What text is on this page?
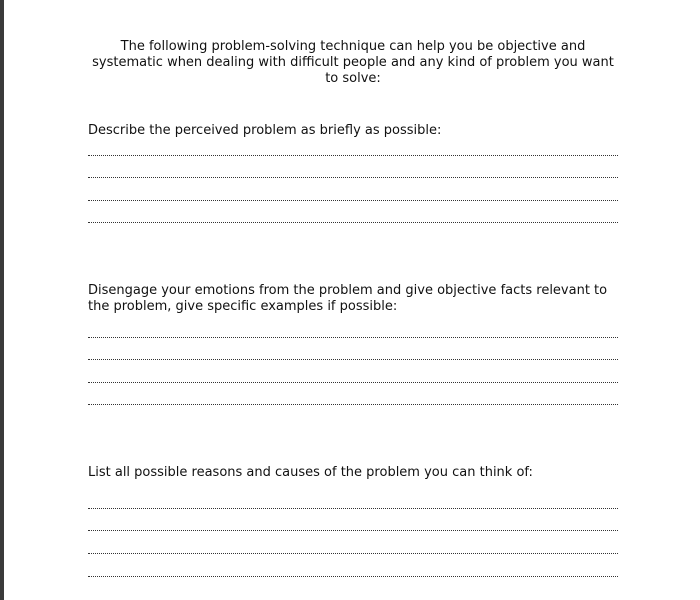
The following problem-solving technique can help you be objective and systematic when dealing with difficult people and any kind of problem you want to solve:

Describe the perceived problem as briefly as possible:

Disengage your emotions from the problem and give objective facts relevant to the problem, give specific examples if possible:

List all possible reasons and causes of the problem you can think of:
